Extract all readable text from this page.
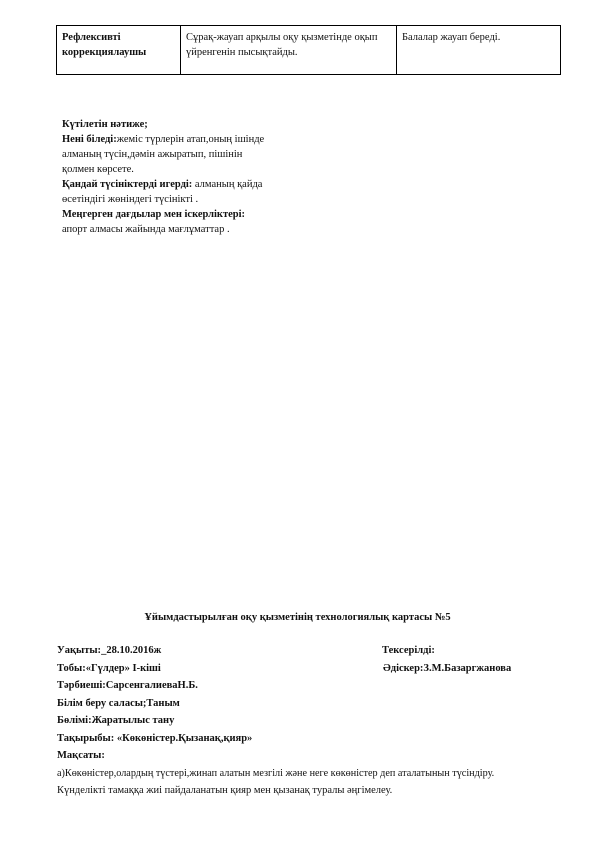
Рефлексивті коррекциялаушы	Сұрақ-жауап арқылы оқу қызметінде оқып үйренгенін пысықтайды.	Балалар жауап береді.
Күтілетін нәтиже;
Нені біледі:жеміс түрлерін атап,оның ішінде
алманың түсін,дәмін ажыратып, пішінін
қолмен көрсете.
Қандай түсініктерді игерді: алманың қайда
өсетіндігі жөніндегі түсінікті .
Меңгерген дағдылар мен іскерліктері:
апорт алмасы жайында мағлұматтар .
Ұйымдастырылған оқу қызметінің технологиялық картасы №5
Уақыты:_28.10.2016ж	Тексерілді:
Тобы:«Гүлдер» І-кіші	Әдіскер:З.М.Базаргжанова
Тәрбиеші:СарсенгалиеваН.Б.
Білім беру саласы;Таным
Бөлімі:Жаратылыс тану
Тақырыбы: «Көкөністер.Қызанақ,қияр»
Мақсаты:
а)Көкөністер,олардың түстері,жинап алатын мезгілі және неге көкөністер деп аталатынын түсіндіру.
Күнделікті тамаққа жиі пайдаланатын қияр мен қызанақ туралы әңгімелеу.
